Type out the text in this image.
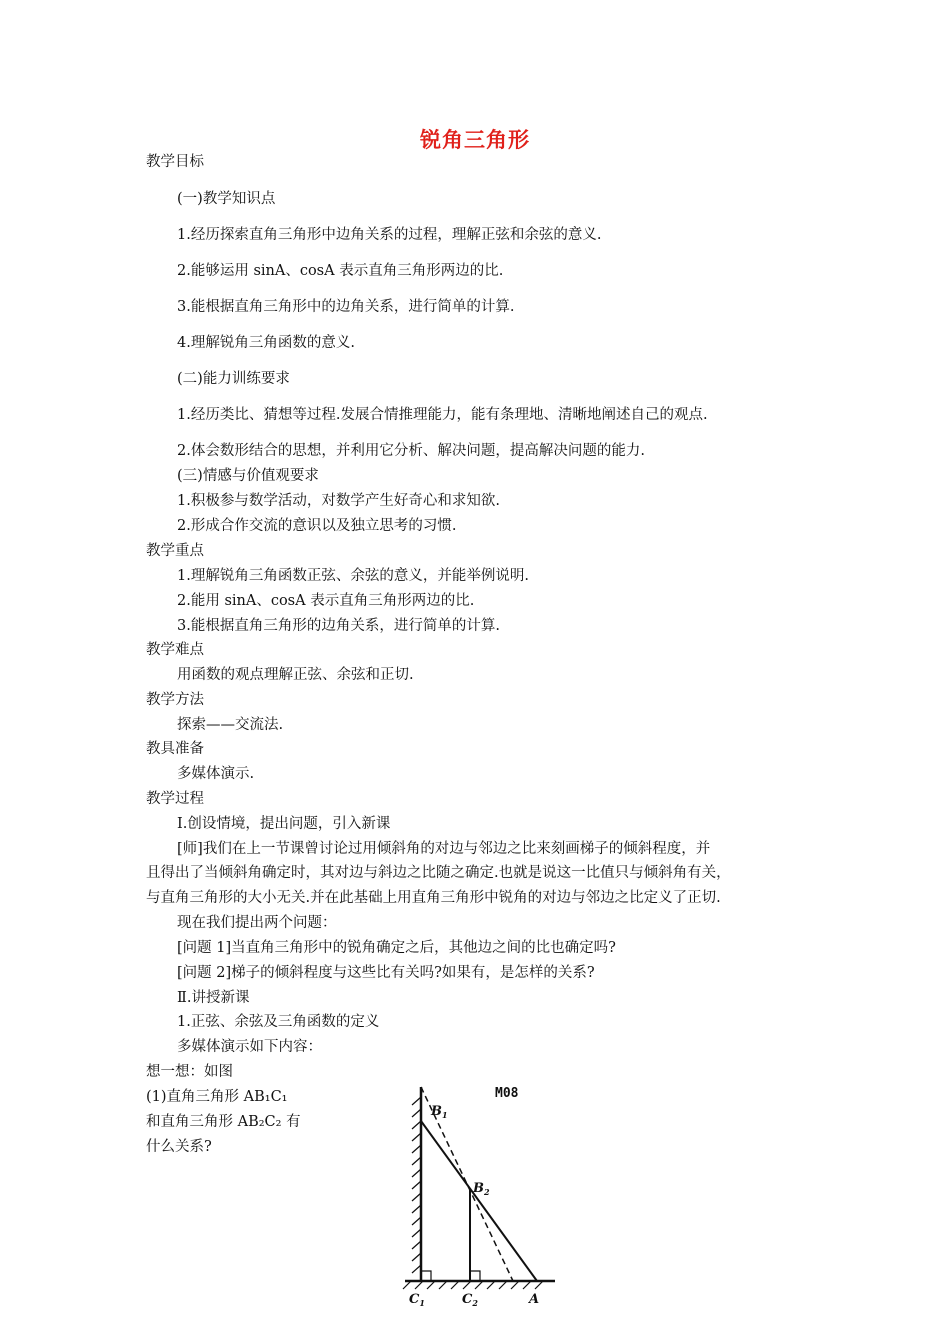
锐角三角形
教学目标
(一)教学知识点
1.经历探索直角三角形中边角关系的过程，理解正弦和余弦的意义.
2.能够运用 sinA、cosA 表示直角三角形两边的比.
3.能根据直角三角形中的边角关系，进行简单的计算.
4.理解锐角三角函数的意义.
(二)能力训练要求
1.经历类比、猜想等过程.发展合情推理能力，能有条理地、清晰地阐述自己的观点.
2.体会数形结合的思想，并利用它分析、解决问题，提高解决问题的能力.
(三)情感与价值观要求
1.积极参与数学活动，对数学产生好奇心和求知欲.
2.形成合作交流的意识以及独立思考的习惯.
教学重点
1.理解锐角三角函数正弦、余弦的意义，并能举例说明.
2.能用 sinA、cosA 表示直角三角形两边的比.
3.能根据直角三角形的边角关系，进行简单的计算.
教学难点
用函数的观点理解正弦、余弦和正切.
教学方法
探索——交流法.
教具准备
多媒体演示.
教学过程
Ⅰ.创设情境，提出问题，引入新课
[师]我们在上一节课曾讨论过用倾斜角的对边与邻边之比来刻画梯子的倾斜程度，并
且得出了当倾斜角确定时，其对边与斜边之比随之确定.也就是说这一比值只与倾斜角有关，
与直角三角形的大小无关.并在此基础上用直角三角形中锐角的对边与邻边之比定义了正切.
现在我们提出两个问题：
[问题 1]当直角三角形中的锐角确定之后，其他边之间的比也确定吗?
[问题 2]梯子的倾斜程度与这些比有关吗?如果有，是怎样的关系?
Ⅱ.讲授新课
1.正弦、余弦及三角函数的定义
多媒体演示如下内容：
想一想：如图
(1)直角三角形 AB₁C₁
和直角三角形 AB₂C₂ 有
什么关系?
$B_1$
$B_2$
$C_1$	$C_2$	A
M08
